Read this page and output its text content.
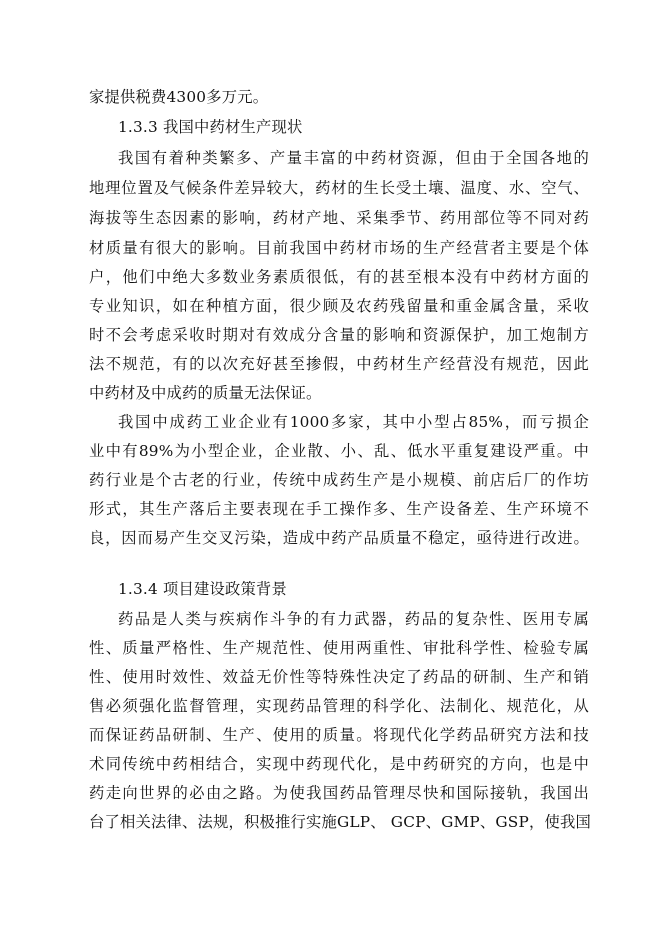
家提供税费4300多万元。
1.3.3 我国中药材生产现状
我国有着种类繁多、产量丰富的中药材资源，但由于全国各地的
地理位置及气候条件差异较大，药材的生长受土壤、温度、水、空气、
海拔等生态因素的影响，药材产地、采集季节、药用部位等不同对药
材质量有很大的影响。目前我国中药材市场的生产经营者主要是个体
户，他们中绝大多数业务素质很低，有的甚至根本没有中药材方面的
专业知识，如在种植方面，很少顾及农药残留量和重金属含量，采收
时不会考虑采收时期对有效成分含量的影响和资源保护，加工炮制方
法不规范，有的以次充好甚至掺假，中药材生产经营没有规范，因此
中药材及中成药的质量无法保证。
我国中成药工业企业有1000多家，其中小型占85%，而亏损企
业中有89%为小型企业，企业散、小、乱、低水平重复建设严重。中
药行业是个古老的行业，传统中成药生产是小规模、前店后厂的作坊
形式，其生产落后主要表现在手工操作多、生产设备差、生产环境不
良，因而易产生交叉污染，造成中药产品质量不稳定，亟待进行改进。
1.3.4 项目建设政策背景
药品是人类与疾病作斗争的有力武器，药品的复杂性、医用专属
性、质量严格性、生产规范性、使用两重性、审批科学性、检验专属
性、使用时效性、效益无价性等特殊性决定了药品的研制、生产和销
售必须强化监督管理，实现药品管理的科学化、法制化、规范化，从
而保证药品研制、生产、使用的质量。将现代化学药品研究方法和技
术同传统中药相结合，实现中药现代化，是中药研究的方向，也是中
药走向世界的必由之路。为使我国药品管理尽快和国际接轨，我国出
台了相关法律、法规，积极推行实施GLP、 GCP、GMP、GSP，使我国
